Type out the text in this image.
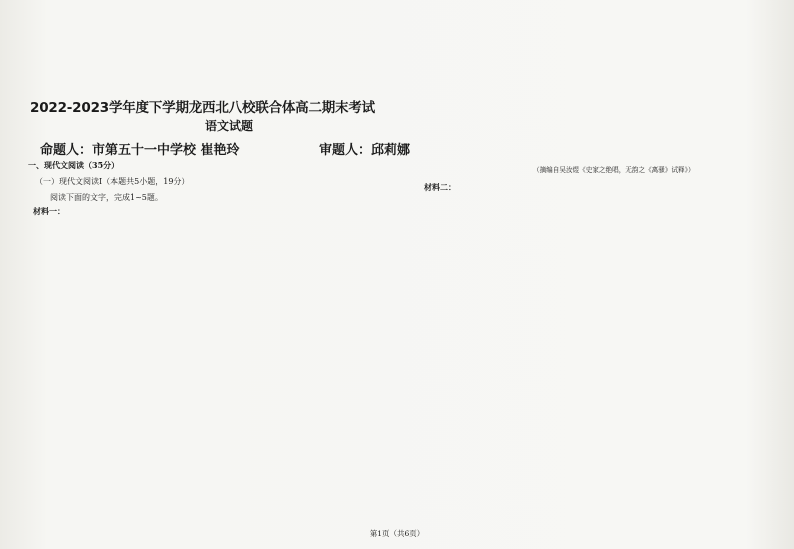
2022-2023学年度下学期龙西北八校联合体高二期末考试
语文试题
命题人：市第五十一中学校 崔艳玲	审题人：邱莉娜
一、现代文阅读（35分）
（一）现代文阅读Ⅰ（本题共5小题，19分）
阅读下面的文字，完成1~5题。
材料一：
（摘编自吴汝煜《史家之绝唱，无韵之《离骚》试释》）
材料二：
第1页（共6页）
